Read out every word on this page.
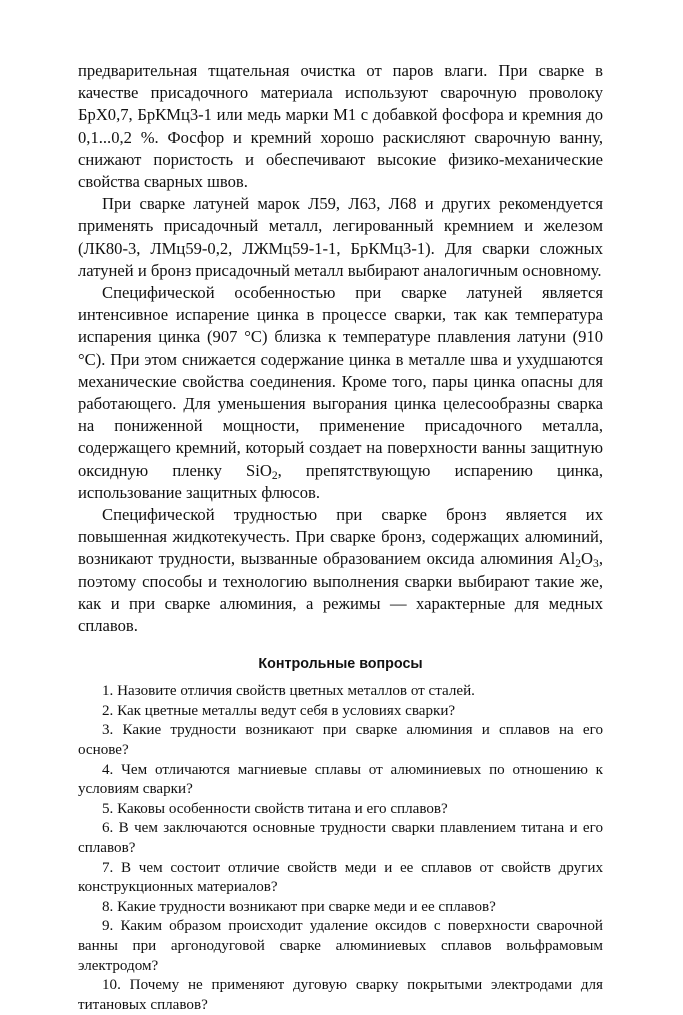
предварительная тщательная очистка от паров влаги. При сварке в качестве присадочного материала используют сварочную проволоку БрХ0,7, БрКМц3-1 или медь марки М1 с добавкой фосфора и кремния до 0,1...0,2 %. Фосфор и кремний хорошо раскисляют сварочную ванну, снижают пористость и обеспечивают высокие физико-механические свойства сварных швов.

При сварке латуней марок Л59, Л63, Л68 и других рекомендуется применять присадочный металл, легированный кремнием и железом (ЛК80-3, ЛМц59-0,2, ЛЖМц59-1-1, БрКМц3-1). Для сварки сложных латуней и бронз присадочный металл выбирают аналогичным основному.

Специфической особенностью при сварке латуней является интенсивное испарение цинка в процессе сварки, так как температура испарения цинка (907 °С) близка к температуре плавления латуни (910 °С). При этом снижается содержание цинка в металле шва и ухудшаются механические свойства соединения. Кроме того, пары цинка опасны для работающего. Для уменьшения выгорания цинка целесообразны сварка на пониженной мощности, применение присадочного металла, содержащего кремний, который создает на поверхности ванны защитную оксидную пленку SiO$_2$, препятствующую испарению цинка, использование защитных флюсов.

Специфической трудностью при сварке бронз является их повышенная жидкотекучесть. При сварке бронз, содержащих алюминий, возникают трудности, вызванные образованием оксида алюминия $Al_2O_3$, поэтому способы и технологию выполнения сварки выбирают такие же, как и при сварке алюминия, а режимы — характерные для медных сплавов.

Контрольные вопросы

1. Назовите отличия свойств цветных металлов от сталей.

2. Как цветные металлы ведут себя в условиях сварки?

3. Какие трудности возникают при сварке алюминия и сплавов на его основе?

4. Чем отличаются магниевые сплавы от алюминиевых по отношению к условиям сварки?

5. Каковы особенности свойств титана и его сплавов?

6. В чем заключаются основные трудности сварки плавлением титана и его сплавов?

7. В чем состоит отличие свойств меди и ее сплавов от свойств других конструкционных материалов?

8. Какие трудности возникают при сварке меди и ее сплавов?

9. Каким образом происходит удаление оксидов с поверхности сварочной ванны при аргонодуговой сварке алюминиевых сплавов вольфрамовым электродом?

10. Почему не применяют дуговую сварку покрытыми электродами для титановых сплавов?
